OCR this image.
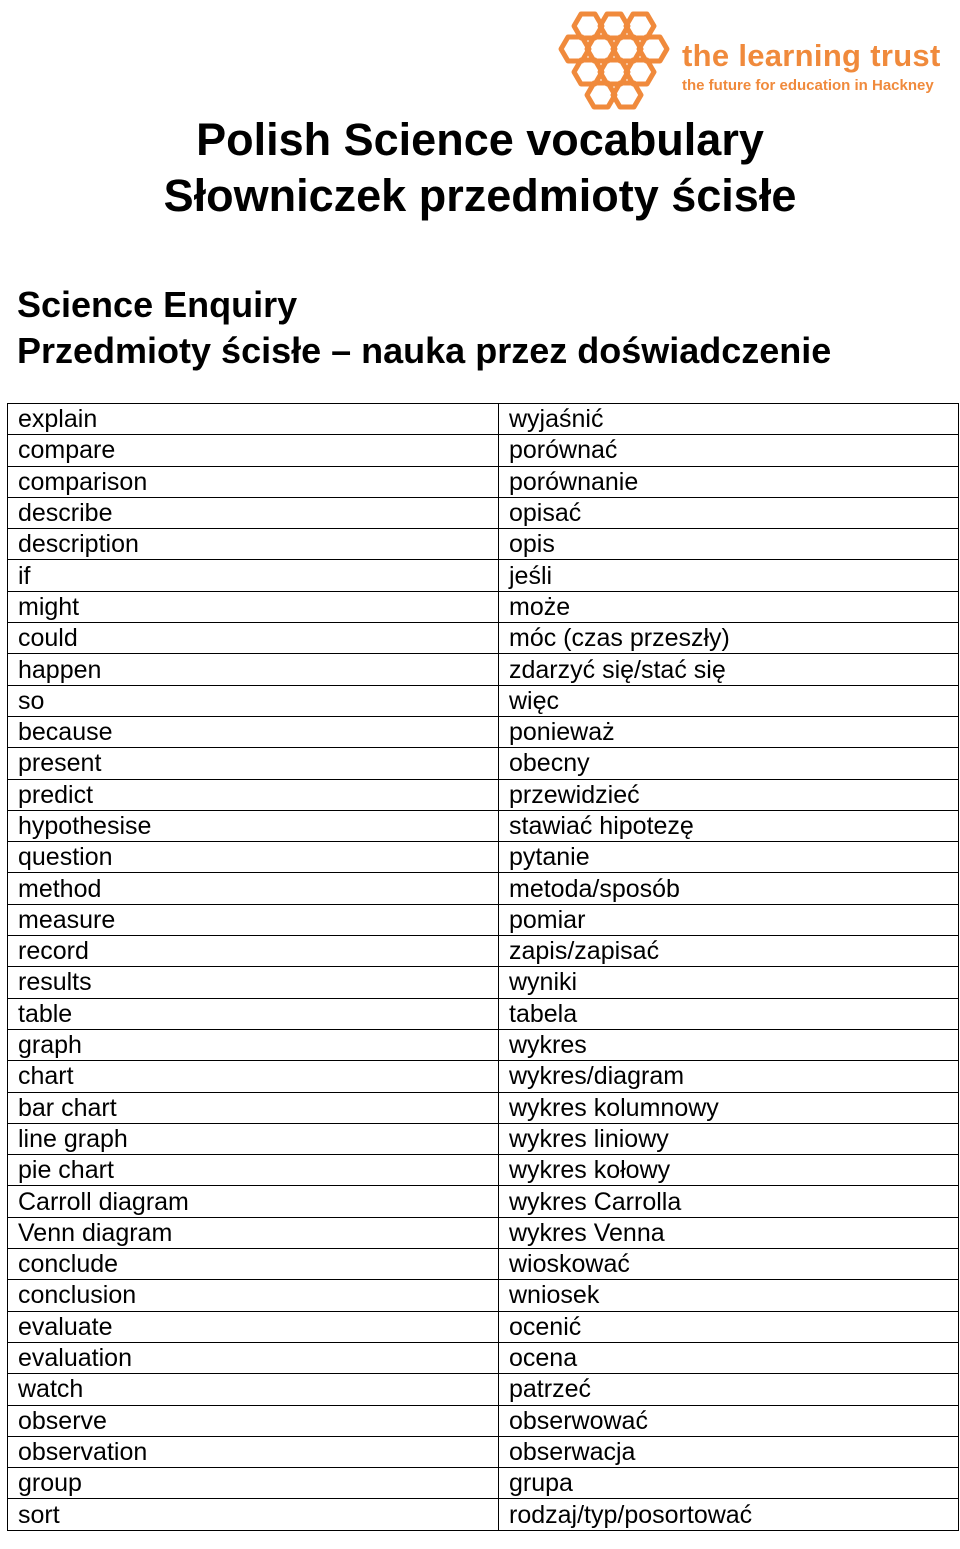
the learning trust
the future for education in Hackney
Polish Science vocabulary
Słowniczek przedmioty ścisłe
Science Enquiry
Przedmioty ścisłe – nauka przez doświadczenie
explain	wyjaśnić
compare	porównać
comparison	porównanie
describe	opisać
description	opis
if	jeśli
might	może
could	móc (czas przeszły)
happen	zdarzyć się/stać się
so	więc
because	ponieważ
present	obecny
predict	przewidzieć
hypothesise	stawiać hipotezę
question	pytanie
method	metoda/sposób
measure	pomiar
record	zapis/zapisać
results	wyniki
table	tabela
graph	wykres
chart	wykres/diagram
bar chart	wykres kolumnowy
line graph	wykres liniowy
pie chart	wykres kołowy
Carroll diagram	wykres Carrolla
Venn diagram	wykres Venna
conclude	wioskować
conclusion	wniosek
evaluate	ocenić
evaluation	ocena
watch	patrzeć
observe	obserwować
observation	obserwacja
group	grupa
sort	rodzaj/typ/posortować
